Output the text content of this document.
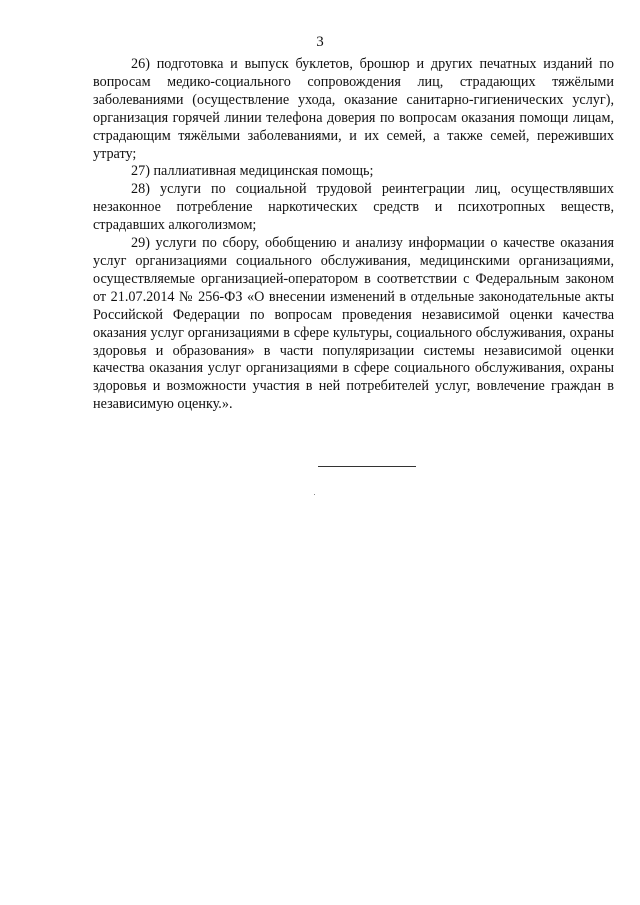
3

26) подготовка и выпуск буклетов, брошюр и других печатных изданий по вопросам медико-социального сопровождения лиц, страдающих тяжёлыми заболеваниями (осуществление ухода, оказание санитарно-гигиенических услуг), организация горячей линии телефона доверия по вопросам оказания помощи лицам, страдающим тяжёлыми заболеваниями, и их семей, а также семей, переживших утрату;

27) паллиативная медицинская помощь;

28) услуги по социальной трудовой реинтеграции лиц, осуществлявших незаконное потребление наркотических средств и психотропных веществ, страдавших алкоголизмом;

29) услуги по сбору, обобщению и анализу информации о качестве оказания услуг организациями социального обслуживания, медицинскими организациями, осуществляемые организацией-оператором в соответствии с Федеральным законом от 21.07.2014 № 256-ФЗ «О внесении изменений в отдельные законодательные акты Российской Федерации по вопросам проведения независимой оценки качества оказания услуг организациями в сфере культуры, социального обслуживания, охраны здоровья и образования» в части популяризации системы независимой оценки качества оказания услуг организациями в сфере социального обслуживания, охраны здоровья и возможности участия в ней потребителей услуг, вовлечение граждан в независимую оценку.».
